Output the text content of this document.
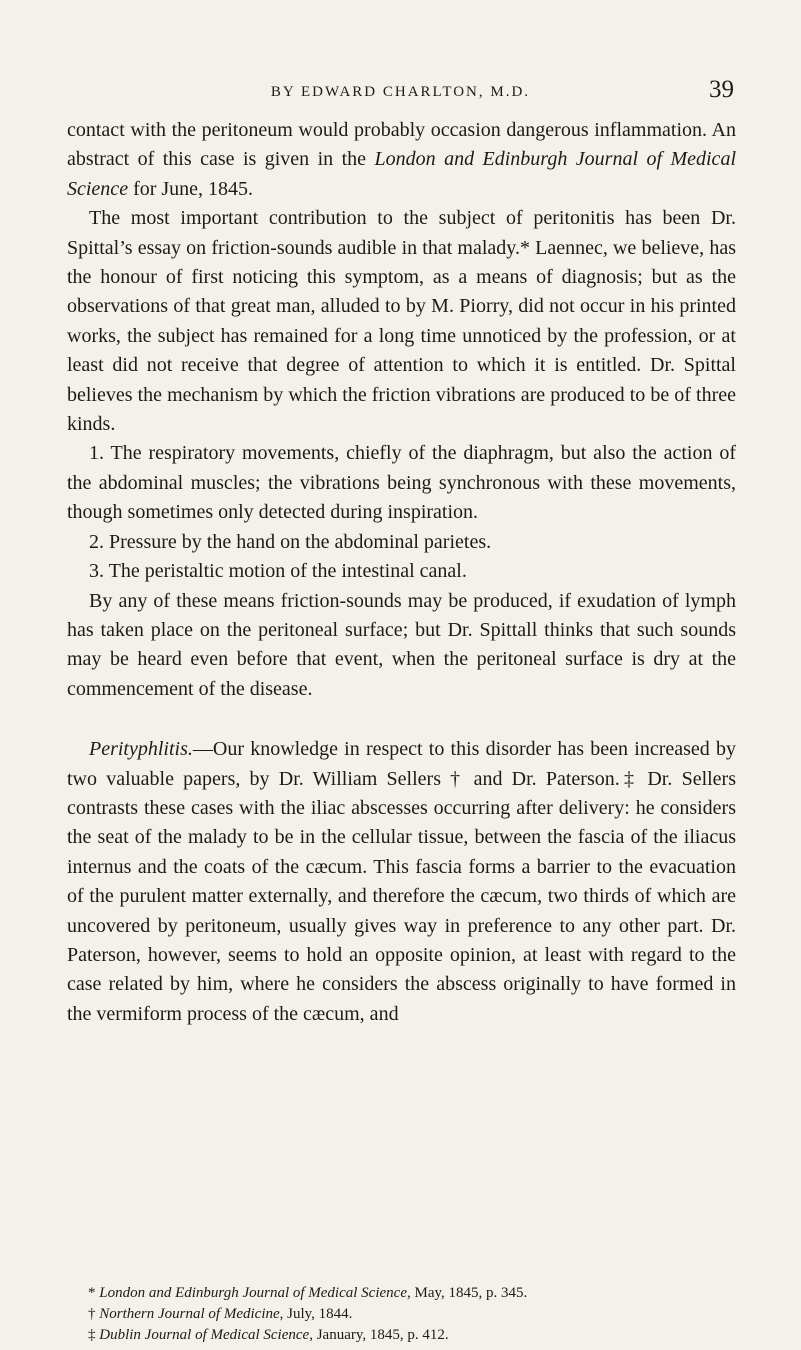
BY EDWARD CHARLTON, M.D.	39

contact with the peritoneum would probably occasion dangerous inflammation. An abstract of this case is given in the London and Edinburgh Journal of Medical Science for June, 1845.

The most important contribution to the subject of peritonitis has been Dr. Spittal’s essay on friction-sounds audible in that malady.* Laennec, we believe, has the honour of first noticing this symptom, as a means of diagnosis; but as the observations of that great man, alluded to by M. Piorry, did not occur in his printed works, the subject has remained for a long time unnoticed by the profession, or at least did not receive that degree of attention to which it is entitled. Dr. Spittal believes the mechanism by which the friction vibrations are produced to be of three kinds.

1. The respiratory movements, chiefly of the diaphragm, but also the action of the abdominal muscles; the vibrations being synchronous with these movements, though sometimes only detected during inspiration.

2. Pressure by the hand on the abdominal parietes.

3. The peristaltic motion of the intestinal canal.

By any of these means friction-sounds may be produced, if exudation of lymph has taken place on the peritoneal surface; but Dr. Spittall thinks that such sounds may be heard even before that event, when the peritoneal surface is dry at the commencement of the disease.

Perityphlitis.—Our knowledge in respect to this disorder has been increased by two valuable papers, by Dr. William Sellers † and Dr. Paterson.‡ Dr. Sellers contrasts these cases with the iliac abscesses occurring after delivery: he considers the seat of the malady to be in the cellular tissue, between the fascia of the iliacus internus and the coats of the cæcum. This fascia forms a barrier to the evacuation of the purulent matter externally, and therefore the cæcum, two thirds of which are uncovered by peritoneum, usually gives way in preference to any other part. Dr. Paterson, however, seems to hold an opposite opinion, at least with regard to the case related by him, where he considers the abscess originally to have formed in the vermiform process of the cæcum, and

* London and Edinburgh Journal of Medical Science, May, 1845, p. 345.
† Northern Journal of Medicine, July, 1844.
‡ Dublin Journal of Medical Science, January, 1845, p. 412.
